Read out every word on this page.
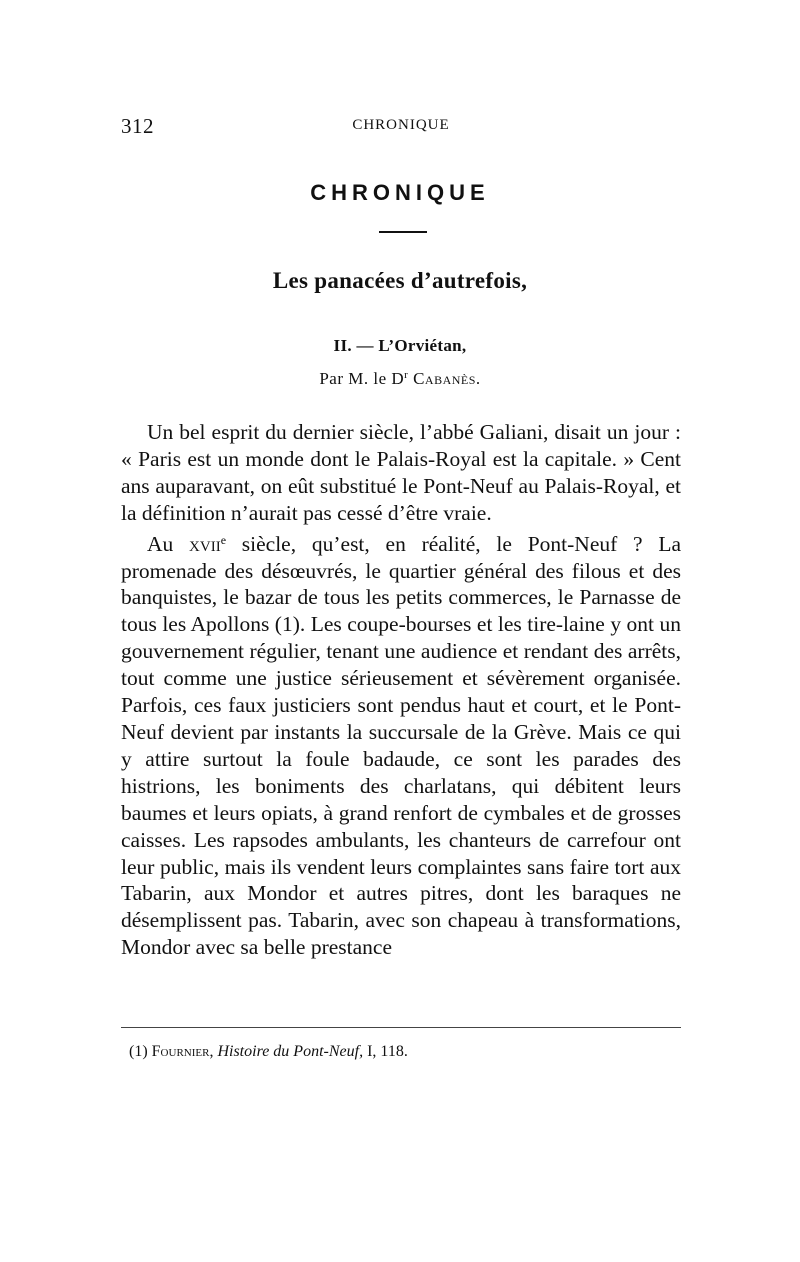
312	CHRONIQUE
CHRONIQUE
Les panacées d’autrefois,
II. — L’Orviétan,
Par M. le $D^r$ Cabanès.

Un bel esprit du dernier siècle, l’abbé Galiani, disait un jour : « Paris est un monde dont le Palais-Royal est la capitale. » Cent ans auparavant, on eût substitué le Pont-Neuf au Palais-Royal, et la définition n’aurait pas cessé d’être vraie.

Au xvii$^e$ siècle, qu’est, en réalité, le Pont-Neuf ? La promenade des désœuvrés, le quartier général des filous et des banquistes, le bazar de tous les petits commerces, le Parnasse de tous les Apollons (1). Les coupe-bourses et les tire-laine y ont un gouvernement régulier, tenant une audience et rendant des arrêts, tout comme une justice sérieusement et sévèrement organisée. Parfois, ces faux justiciers sont pendus haut et court, et le Pont-Neuf devient par instants la succursale de la Grève. Mais ce qui y attire surtout la foule badaude, ce sont les parades des histrions, les boniments des charlatans, qui débitent leurs baumes et leurs opiats, à grand renfort de cymbales et de grosses caisses. Les rapsodes ambulants, les chanteurs de carrefour ont leur public, mais ils vendent leurs complaintes sans faire tort aux Tabarin, aux Mondor et autres pitres, dont les baraques ne désemplissent pas. Tabarin, avec son chapeau à transformations, Mondor avec sa belle prestance

(1) Fournier, Histoire du Pont-Neuf, I, 118.
